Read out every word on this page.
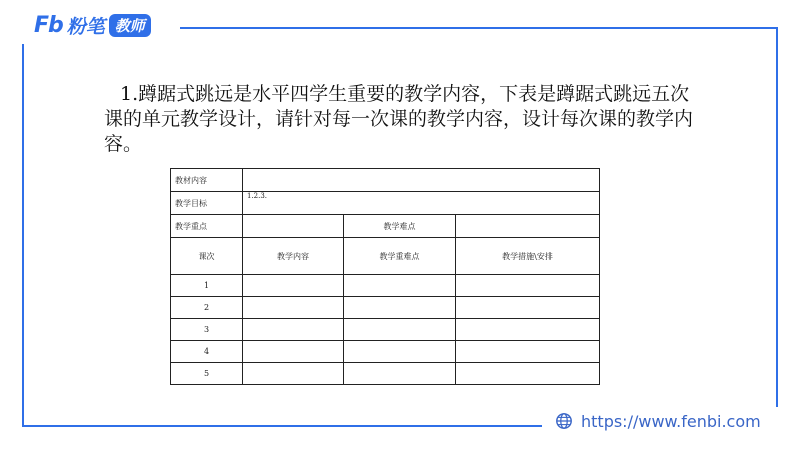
Fb 粉笔 教师
1.蹲踞式跳远是水平四学生重要的教学内容，下表是蹲踞式跳远五次课的单元教学设计，请针对每一次课的教学内容，设计每次课的教学内容。
教材内容			
教学目标	1.2.3.		
教学重点		教学难点	
课次	教学内容	教学重难点	教学措施\安排
1			
2			
3			
4			
5			
https://www.fenbi.com
